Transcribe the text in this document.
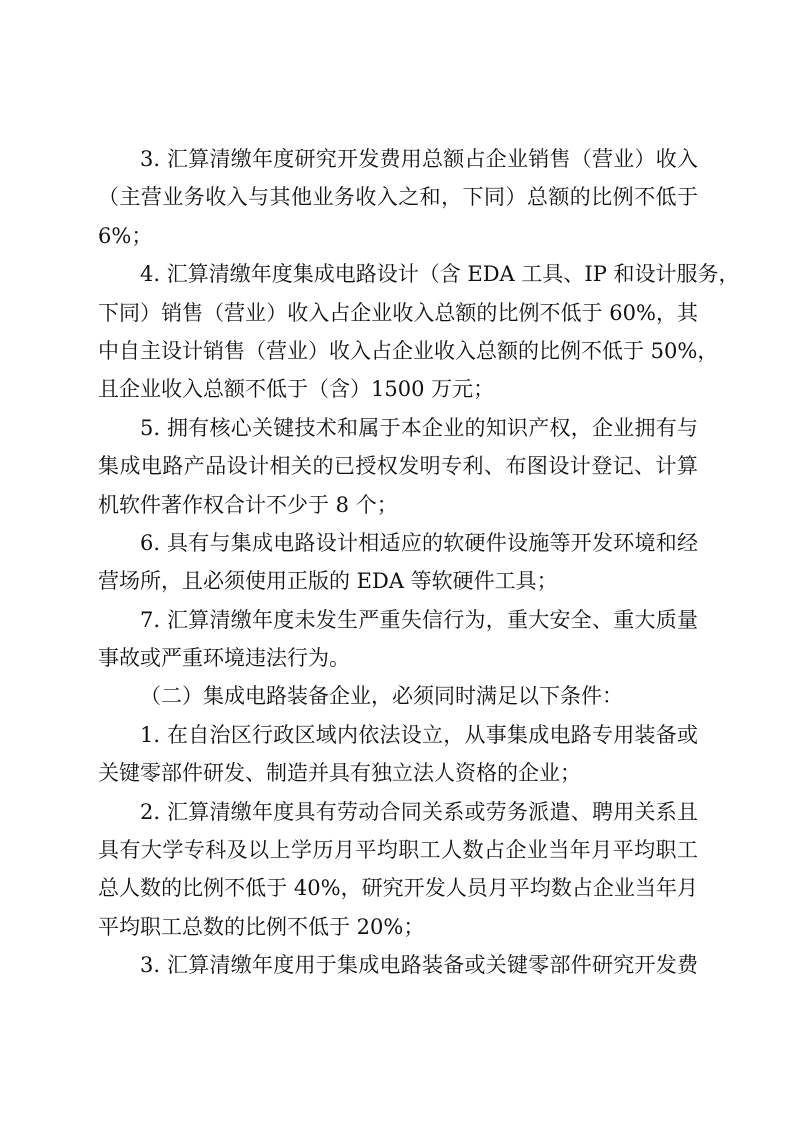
3. 汇算清缴年度研究开发费用总额占企业销售（营业）收入
（主营业务收入与其他业务收入之和，下同）总额的比例不低于
6%；
4. 汇算清缴年度集成电路设计（含 EDA 工具、IP 和设计服务，
下同）销售（营业）收入占企业收入总额的比例不低于 60%，其
中自主设计销售（营业）收入占企业收入总额的比例不低于 50%，
且企业收入总额不低于（含）1500 万元；
5. 拥有核心关键技术和属于本企业的知识产权，企业拥有与
集成电路产品设计相关的已授权发明专利、布图设计登记、计算
机软件著作权合计不少于 8 个；
6. 具有与集成电路设计相适应的软硬件设施等开发环境和经
营场所，且必须使用正版的 EDA 等软硬件工具；
7. 汇算清缴年度未发生严重失信行为，重大安全、重大质量
事故或严重环境违法行为。
（二）集成电路装备企业，必须同时满足以下条件：
1. 在自治区行政区域内依法设立，从事集成电路专用装备或
关键零部件研发、制造并具有独立法人资格的企业；
2. 汇算清缴年度具有劳动合同关系或劳务派遣、聘用关系且
具有大学专科及以上学历月平均职工人数占企业当年月平均职工
总人数的比例不低于 40%，研究开发人员月平均数占企业当年月
平均职工总数的比例不低于 20%；
3. 汇算清缴年度用于集成电路装备或关键零部件研究开发费
